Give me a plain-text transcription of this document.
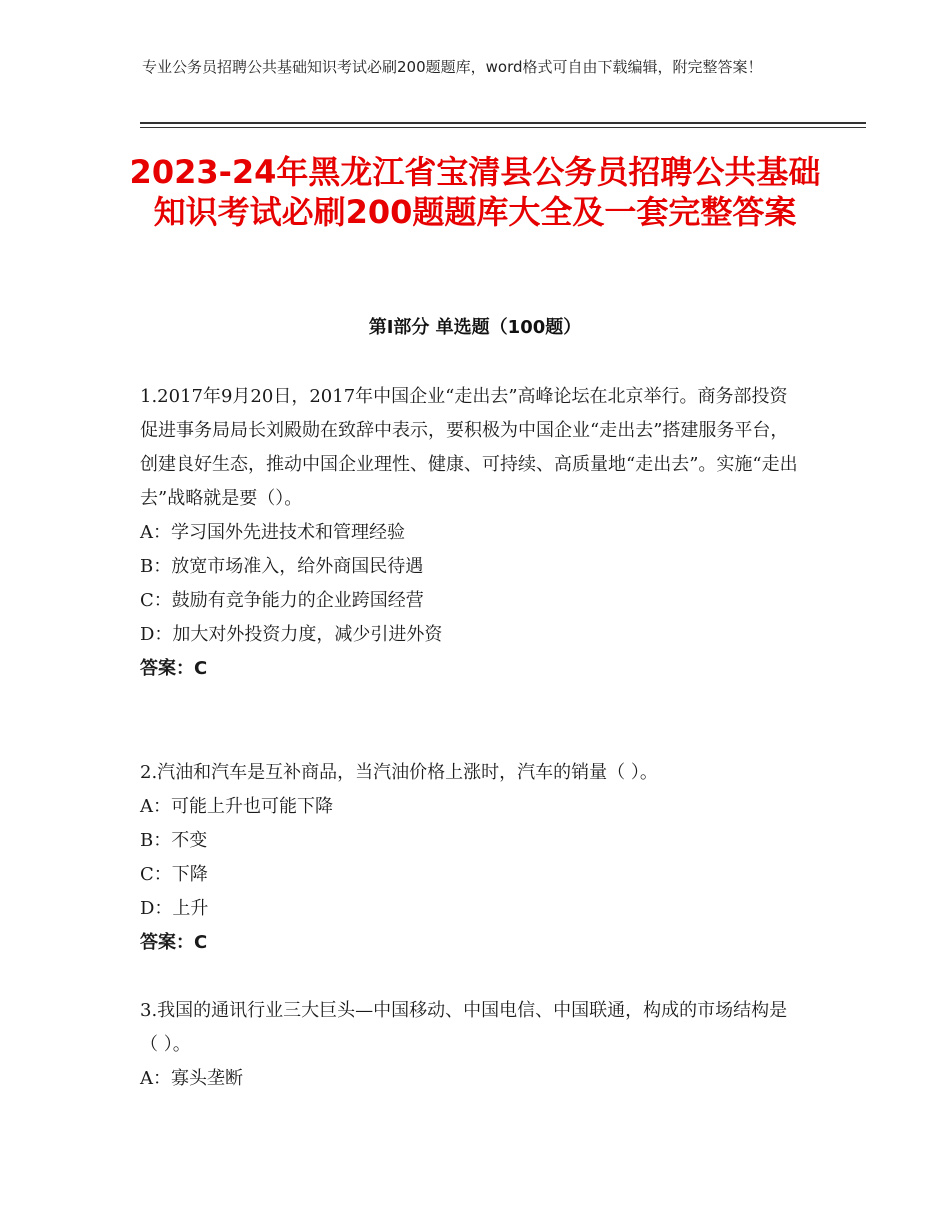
专业公务员招聘公共基础知识考试必刷200题题库，word格式可自由下载编辑，附完整答案！
2023-24年黑龙江省宝清县公务员招聘公共基础知识考试必刷200题题库大全及一套完整答案
第Ⅰ部分 单选题（100题）

1.2017年9月20日，2017年中国企业“走出去”高峰论坛在北京举行。商务部投资促进事务局局长刘殿勋在致辞中表示，要积极为中国企业“走出去”搭建服务平台，创建良好生态，推动中国企业理性、健康、可持续、高质量地“走出去”。实施“走出去”战略就是要（）。

A：学习国外先进技术和管理经验

B：放宽市场准入，给外商国民待遇

C：鼓励有竞争能力的企业跨国经营

D：加大对外投资力度，减少引进外资

答案：C

2.汽油和汽车是互补商品，当汽油价格上涨时，汽车的销量（ ）。

A：可能上升也可能下降

B：不变

C：下降

D：上升

答案：C

3.我国的通讯行业三大巨头—中国移动、中国电信、中国联通，构成的市场结构是（ ）。

A：寡头垄断
